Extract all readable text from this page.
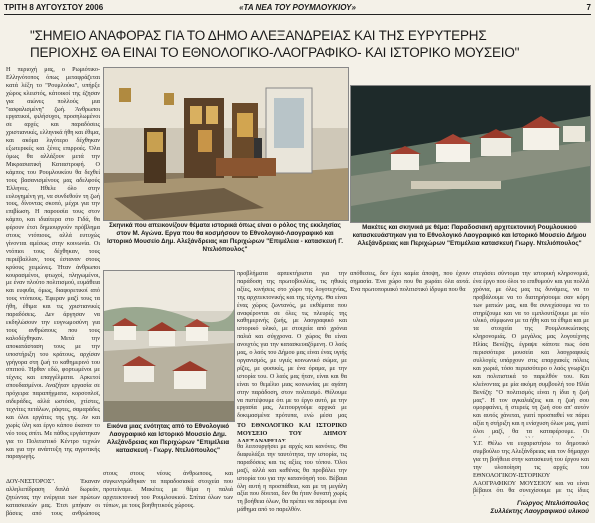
ΤΡΙΤΗ 8 ΑΥΓΟΥΣΤΟΥ 2006	«ΤΑ ΝΕΑ ΤΟΥ ΡΟΥΜΛΟΥΚΙΟΥ»	7
"ΣΗΜΕΙΟ ΑΝΑΦΟΡΑΣ ΓΙΑ ΤΟ ΔΗΜΟ ΑΛΕΞΑΝΔΡΕΙΑΣ ΚΑΙ ΤΗΣ ΕΥΡΥΤΕΡΗΣ
ΠΕΡΙΟΧΗΣ ΘΑ ΕΙΝΑΙ ΤΟ ΕΘΝΟΛΟΓΙΚΟ-ΛΑΟΓΡΑΦΙΚΟ- ΚΑΙ ΙΣΤΟΡΙΚΟ ΜΟΥΣΕΙΟ"

Η περιοχή μας, ο Ρωμιότικο-Ελληνότοπος όπως μεταφράζεται κατά λέξη το "Ρουμλούκι", υπήρξε χώρος κλειστός, κάτοικοί της έζησαν για αιώνες πολλούς μια "ασφαλισμένη" ζωή. Άνθρωποι εργατικοί, φιλήσυχοι, προσηλωμένοι σε αρχές και παραδόσεις χριστιανικές, ελληνικά ήθη και έθιμα, και ακόμα λιγότερο δέχθηκαν εξωτερικές και ξένες επιρροές. Όλα όμως θα αλλάξουν μετά την Μικρασιατική Καταστροφή. Ο κάμπος του Ρουμλουκίου θα δεχθεί τους βασανισμένους μας αδελφούς Έλληνες. Ηθελε όλο στην ευλογημένη γη, να συνδεθούν τη ζωή τους, δίνοντας σκοπό, μέχρι για την επιβίωση. Η παρουσία τους στον κάμπο, και ιδιαίτερα στο Γιδά, θα φέρουν έτσι δημιουργούν πρόβλημα στους ντόπιους, αλλά ευτυχώς γίνονται αμέσως στην κοινωνία. Οι ντόπιοι τους δέχθηκαν, τους περιέβαλλαν, τους έσταναν στους κρύους χειμώνες. Ήταν άνθρωποι κουρασμένοι, φτωχοί, πληγωμένοι, με έναν πλούτο πολιτισμού, ευμάθεια και ευφυΐα, όμως, διαφορετικοί από τους ντόπιους. Έφεραν μαζί τους τα ήθη, έθιμα και τις χριστιανικές παραδόσεις. Δεν άργησαν να εκδηλώσουν την ευγνωμοσύνη για τους ανθρώπους που τους καλοδέχθηκαν. Μετά την αποκατάσταση τους με την υποστήριξη του κράτους, αρχίσαν γρήγορα στη ζωή το καθημερινό του σπιτιού. Ήρθαν εδώ, φορτωμένοι με τέχνες και επαγγέλματα. Αρκετοί σπουδασμένοι. Αναζήταν εργασία σε πρόχειρα παραπήγματα, κορσοπλοϊ, σιδεράδες, αλλά ωστόσο, χτίστες, τεχνίτες πετάλων, ράφτες, σαμαράδες και όλοι εργάτες της γης. Αν και χωρίς ύλη και έργο κάπου έκαναν το νέο τους σπίτι. Με πάθος εργάστηκαν για το Πολιτιστικό Κέντρο τεχνών και για την ανάπτυξη της αγροτικής παραγωγής.

ΔΟΥ-ΝΕΣΤΟΡΟΣ". Έκαναν αλληλεπίδραση διπλά δωρεάν, ζητώντας την ενέργεια των πρώτων κατασκευών μας. Έτσι μπήκαν οι βάσεις από τους ανθρώπους

Σκηνικά που απεικονίζουν θέματα ιστορικά όπως είναι ο ρόλος της εκκλησίας στον Μ. Αγώνα. Εργα που θα κοσμήσουν το Εθνολογικό-Λαογραφικό και Ιστορικό Μουσείο Δημ. Αλεξάνδρειας και Περιχώρων "Επιμέλεια - κατασκευή Γ. Ντελιόπουλος"
Μακέτες και σκηνικά με θέμα: Παραδοσιακή αρχιτεκτονική Ρουμλουκιού κατασκευάστηκαν για το Εθνολογικό Λαογραφικό και Ιστορικό Μουσείο Δήμου Αλεξάνδρειας και Περιχώρων "Επιμέλεια κατασκευή Γιωργ. Ντελιόπουλος"

προβλήματα αρπεκτήριστα για την παράδοση της πρωτοβουλίας, τις ηθικές αξίες, κινήσεις στο χώρο της λογοτεχνίας, της αρχιτεκτονικής και της τέχνης. Θα είναι ένας χώρος ζωντανός, με εκθέματα που αναφέρονται σε όλες τις πλευρές της καθημερινής ζωής, με λαογραφικό και ιστορικό υλικό, με στοιχεία από χρόνια παλιά και σύγχρονα. Ο χώρος θα είναι ανοιχτός για την κατασκευαζόμενη. Ο λαός μας, ο λαός του Δήμου μας είναι ένας υγιής οργανισμός, με υγιές κοινωνικό σώμα, με ρίζες, με φυσικές, με ένα όραμα, με την ιστορία του. Ο λαός μας ήταν, είναι και θα είναι το θεμέλιο μιας κοινωνίας με αγάπη στην παράδοση, στον πολιτισμό. Θέλουμε να πιστέψουμε ότι με το έργο αυτό, με την εργασία μας, λειτουργούμε αρχικά με δοκιμασμένα πρότυπα, ενώ μέσα μας

ΤΟ ΕΘΝΟΛΟΓΙΚΟ ΚΑΙ ΙΣΤΟΡΙΚΟ ΜΟΥΣΕΙΟ ΤΟΥ ΔΗΜΟΥ ΑΛΕΞΑΝΔΡΕΙΑΣ

θα λειτουργήσει με αρχές και κανόνες. Θα διαφυλάξει την ταυτότητα, την ιστορία, τις παραδόσεις και τις αξίες του τόπου. Όλοι μαζί, αλλά και καθένας θα προβάλει την ιστορία του για την κατανόησή του. Βέβαια όλη αυτή η προσπάθεια, και με τη μεγάλη αξία που δίνεται, δεν θα ήταν δυνατή χωρίς τη βοήθεια όλων, θα πρέπει να πάρουμε ένα μάθημα από το παρελθόν.

Εικόνα μιας ενότητας από το Εθνολογικό Λαογραφικό και Ιστορικό Μουσείο Δημ. Αλεξάνδρειας και Περιχώρων "Επιμέλεια κατασκευή - Γιωργ. Ντελιόπουλος"

στους στους νέους άνθρωπους, και συγκεντρώθηκαν τα παραδοσιακά στοιχεία που προτείναμε. Μακέτες με θέμα η παλιά αρχιτεκτονική του Ρουμλουκιού. Σπίτια όλων των τύπων, με τους βοηθητικούς χώρους.

απόθεσεις, δεν έχει καμία άποψη, που έχουν σημασία. Ένα χώρο που θα χωράει όλα αυτά. Ένα πρωτοποριακό πολιτιστικό ίδρυμα που θα

στεγάσει σύντομα την ιστορική κληρονομιά, ένα έργο που όλοι το επιθυμούν και για πολλά χρόνια, με όλες μας τις δυνάμεις, να το προβάλουμε να το διατηρήσουμε σαν κόρη των ματιών μας, και θα συνεχίσουμε να το στηρίζουμε και να το εμπλουτίζουμε με νέο υλικό, σύμφωνα με τα ήθη και τα έθιμα και με τα στοιχεία της Ρουμλουκιώτικης κληρονομιάς. Ο μεγάλος μας λογοτέχνης Ηλίας Βενέζης, έγραψε κάποτε πως όσα περισσότερα μουσεία και λαογραφικές συλλογές υπάρχουν στις επαρχιακές πόλεις και χωριά, τόσο περισσότερο ο λαός γνωρίζει και πολιτιστικά το παρελθόν του. Και κλείνοντας με μία ακόμη συμβουλή του Ηλία Βενέζη: "Ο πολιτισμός είναι η ίδια η ζωή μας". Η τον αγκαλιάζεις και η ζωή σου ομορφαίνει, ή στερείς τη ζωή σου απ' αυτόν και αυτός χάνεται, γιατί προσπαθεί να πάρει αξία η στήριξη και η ενίσχυση όλων μας, γιατί όλοι μαζί, θα τα καταφέρουμε. Οι

Υ.Γ. Θέλω να ευχαριστήσω το δημοτικό συμβούλιο της Αλεξάνδρειας και τον δήμαρχο για τη βοήθεια στην κατασκευή του έργου και την υλοποίηση τις αρχές του ΕΘΝΟΛΟΓΙΚΟΥ-ΙΣΤΟΡΙΚΟΥ ΛΑΟΓΡΑΦΙΚΟΥ ΜΟΥΣΕΙΟΥ και να είναι βέβαιοι ότι θα συνεχίσουμε με τις ίδιες

Γιώργος Ντελιόπουλος
Συλλέκτης Λαογραφικού υλικού
